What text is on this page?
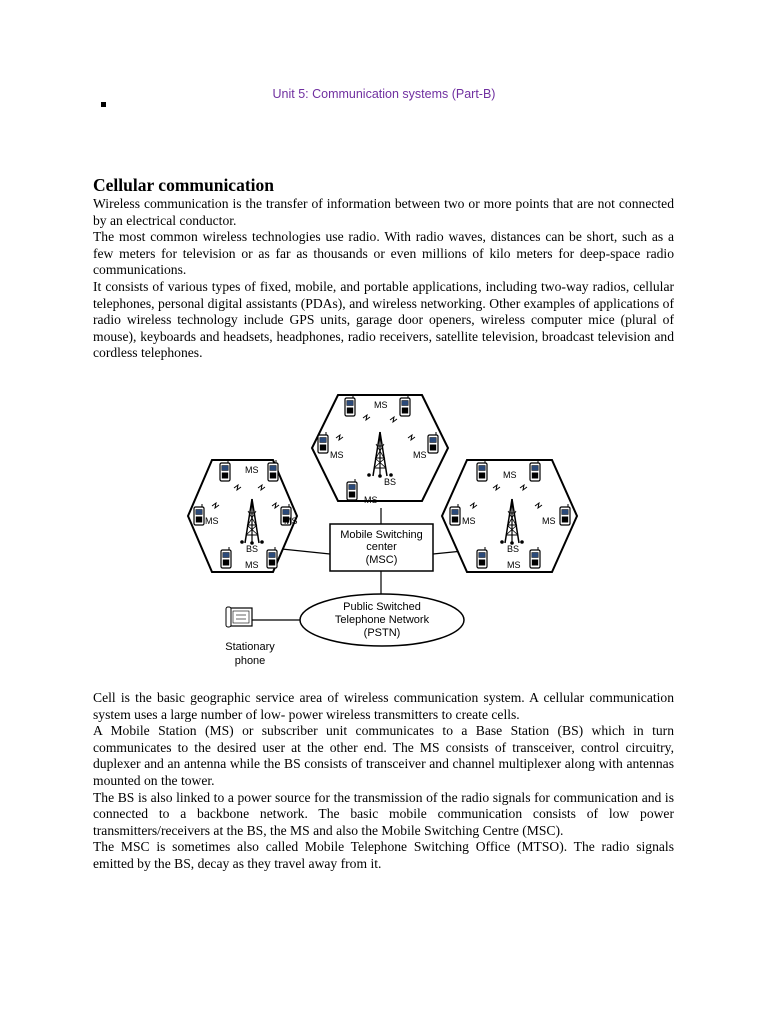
Unit 5: Communication systems (Part-B)
Cellular communication

Wireless communication is the transfer of information between two or more points that are not connected by an electrical conductor.

The most common wireless technologies use radio. With radio waves, distances can be short, such as a few meters for television or as far as thousands or even millions of kilo meters for deep-space radio communications.

It consists of various types of fixed, mobile, and portable applications, including two-way radios, cellular telephones, personal digital assistants (PDAs), and wireless networking. Other examples of applications of radio wireless technology include GPS units, garage door openers, wireless computer mice (plural of mouse), keyboards and headsets, headphones, radio receivers, satellite television, broadcast television and cordless telephones.

MS
MS	MS
BS
MS
MS
MS	MS
BS
MS
MS
MS	MS
BS
MS
Mobile Switching
center
(MSC)
Public Switched
Telephone Network
(PSTN)
Stationary
phone

Cell is the basic geographic service area of wireless communication system. A cellular communication system uses a large number of low- power wireless transmitters to create cells.

A Mobile Station (MS) or subscriber unit communicates to a Base Station (BS) which in turn communicates to the desired user at the other end. The MS consists of transceiver, control circuitry, duplexer and an antenna while the BS consists of transceiver and channel multiplexer along with antennas mounted on the tower.

The BS is also linked to a power source for the transmission of the radio signals for communication and is connected to a backbone network. The basic mobile communication consists of low power transmitters/receivers at the BS, the MS and also the Mobile Switching Centre (MSC).

The MSC is sometimes also called Mobile Telephone Switching Office (MTSO). The radio signals emitted by the BS, decay as they travel away from it.
